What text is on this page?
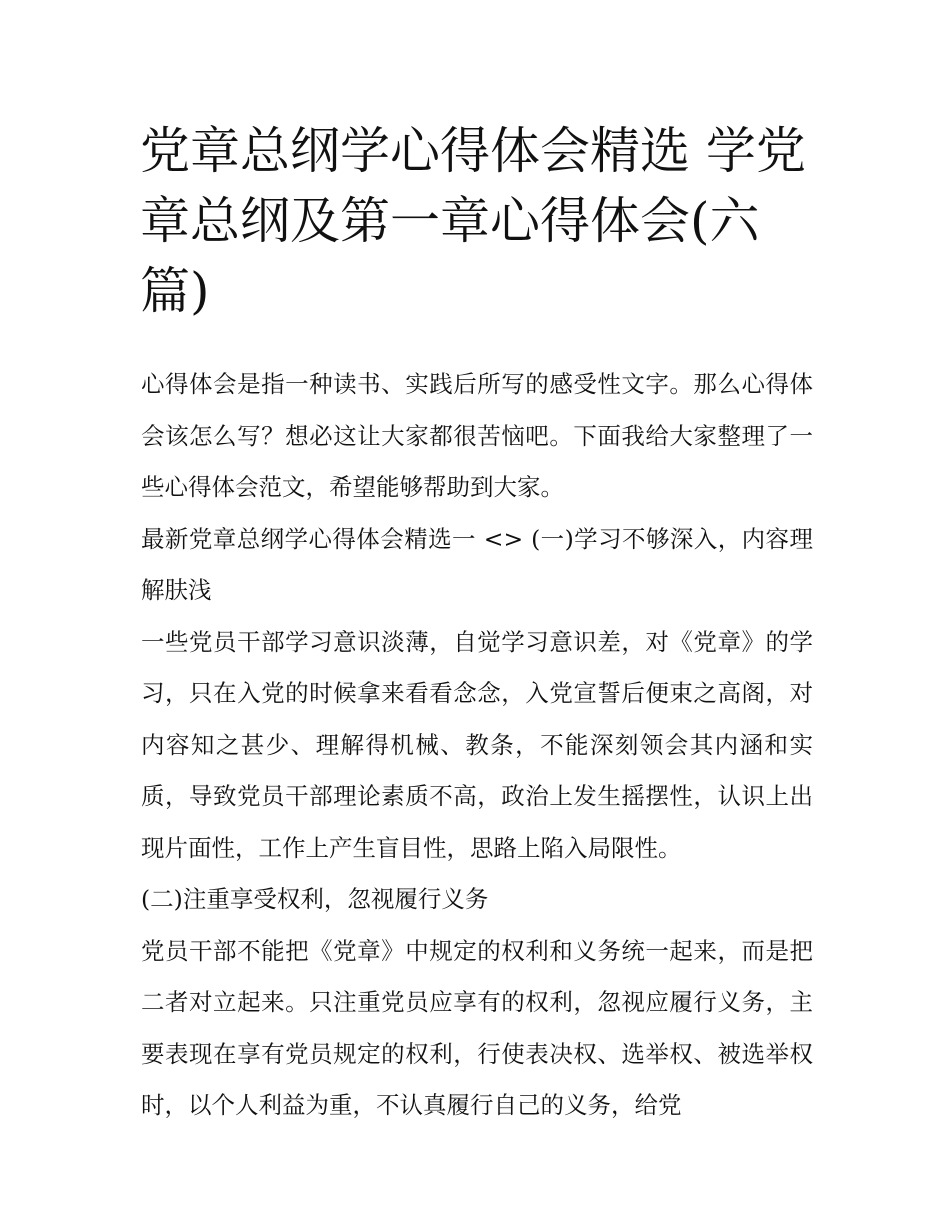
党章总纲学心得体会精选 学党章总纲及第一章心得体会(六篇)

心得体会是指一种读书、实践后所写的感受性文字。那么心得体会该怎么写？想必这让大家都很苦恼吧。下面我给大家整理了一些心得体会范文，希望能够帮助到大家。

最新党章总纲学心得体会精选一 <> (一)学习不够深入，内容理解肤浅

一些党员干部学习意识淡薄，自觉学习意识差，对《党章》的学习，只在入党的时候拿来看看念念，入党宣誓后便束之高阁，对内容知之甚少、理解得机械、教条，不能深刻领会其内涵和实质，导致党员干部理论素质不高，政治上发生摇摆性，认识上出现片面性，工作上产生盲目性，思路上陷入局限性。

(二)注重享受权利，忽视履行义务

党员干部不能把《党章》中规定的权利和义务统一起来，而是把二者对立起来。只注重党员应享有的权利，忽视应履行义务，主要表现在享有党员规定的权利，行使表决权、选举权、被选举权时，以个人利益为重，不认真履行自己的义务，给党
